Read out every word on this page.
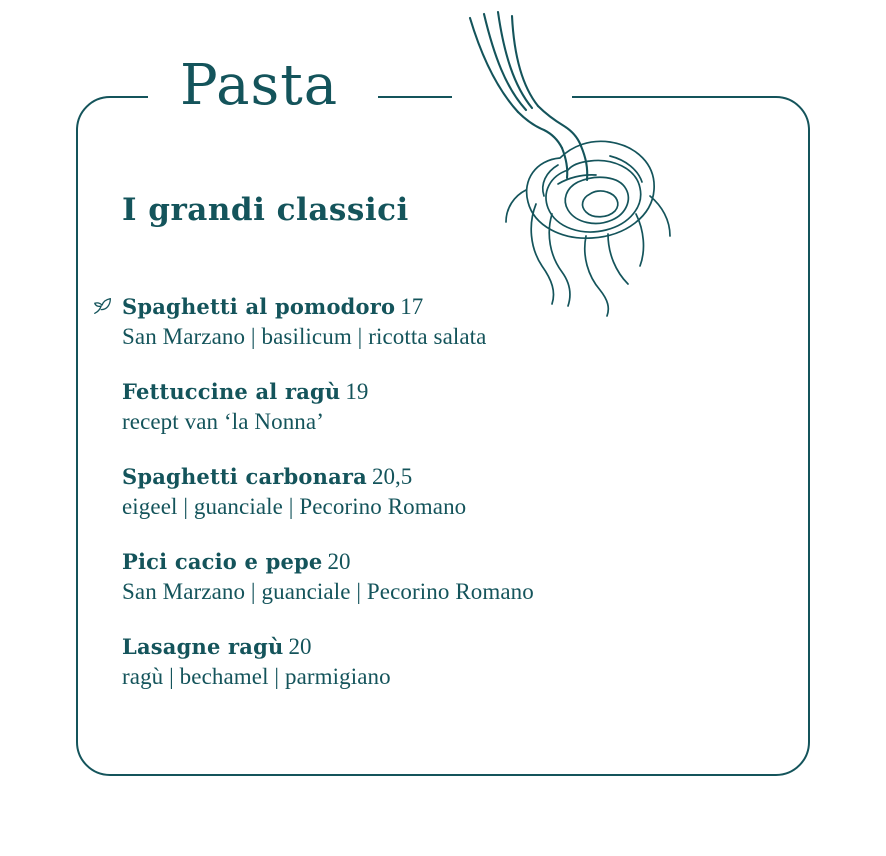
Pasta
I grandi classici
Spaghetti al pomodoro 17
San Marzano | basilicum | ricotta salata
Fettuccine al ragù 19
recept van ‘la Nonna’
Spaghetti carbonara 20,5
eigeel | guanciale | Pecorino Romano
Pici cacio e pepe 20
San Marzano | guanciale | Pecorino Romano
Lasagne ragù 20
ragù | bechamel | parmigiano
